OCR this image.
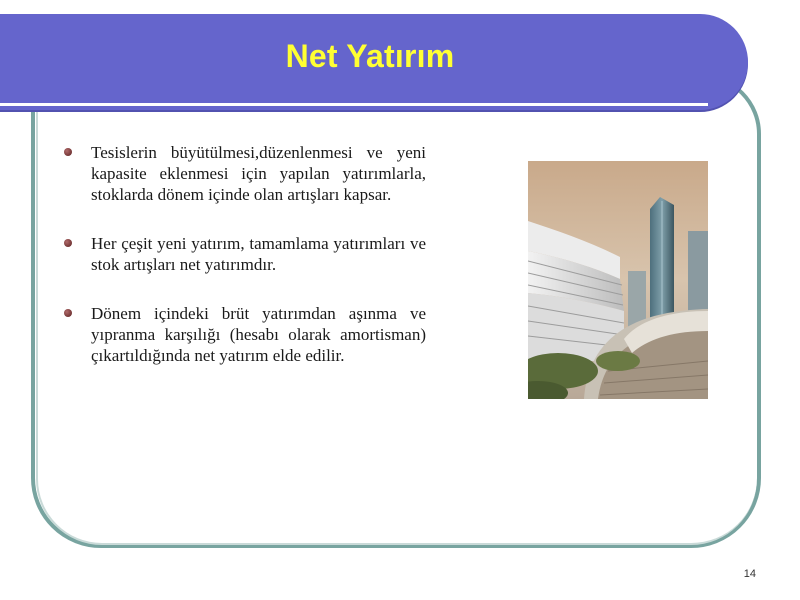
Net Yatırım
Tesislerin büyütülmesi,düzenlenmesi ve yeni kapasite eklenmesi için yapılan yatırımlarla, stoklarda dönem içinde olan artışları kapsar.
Her çeşit yeni yatırım, tamamlama yatırımları ve stok artışları net yatırımdır.
Dönem içindeki brüt yatırımdan aşınma ve yıpranma karşılığı (hesabı olarak amortisman) çıkartıldığında net yatırım elde edilir.
14
